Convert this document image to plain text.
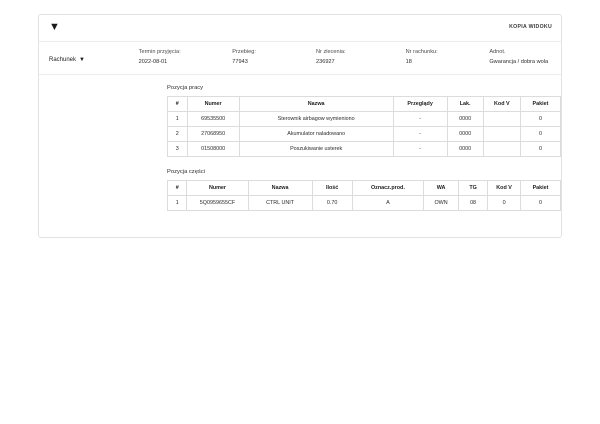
▼	KOPIA WIDOKU
Rachunek ▼
Termin przyjęcia:
2022-08-01
Przebieg:
77943
Nr zlecenia:
236927
Nr rachunku:
18
Adnot.
Gwarancja / dobra wola
Pozycja pracy
#	Numer	Nazwa	Przeglądy	Lak.	Kod V	Pakiet
1	69535500	Sterownik airbagow wymieniono	-	0000		0
2	27068950	Akumulator naladowano	-	0000		0
3	01508000	Poszukiwanie usterek	-	0000		0
Pozycja części
#	Numer	Nazwa	Ilość	Oznacz.prod.	WA	TG	Kod V	Pakiet
1	5Q0959655CF	CTRL UNIT	0.70	A	OWN	08	0	0
